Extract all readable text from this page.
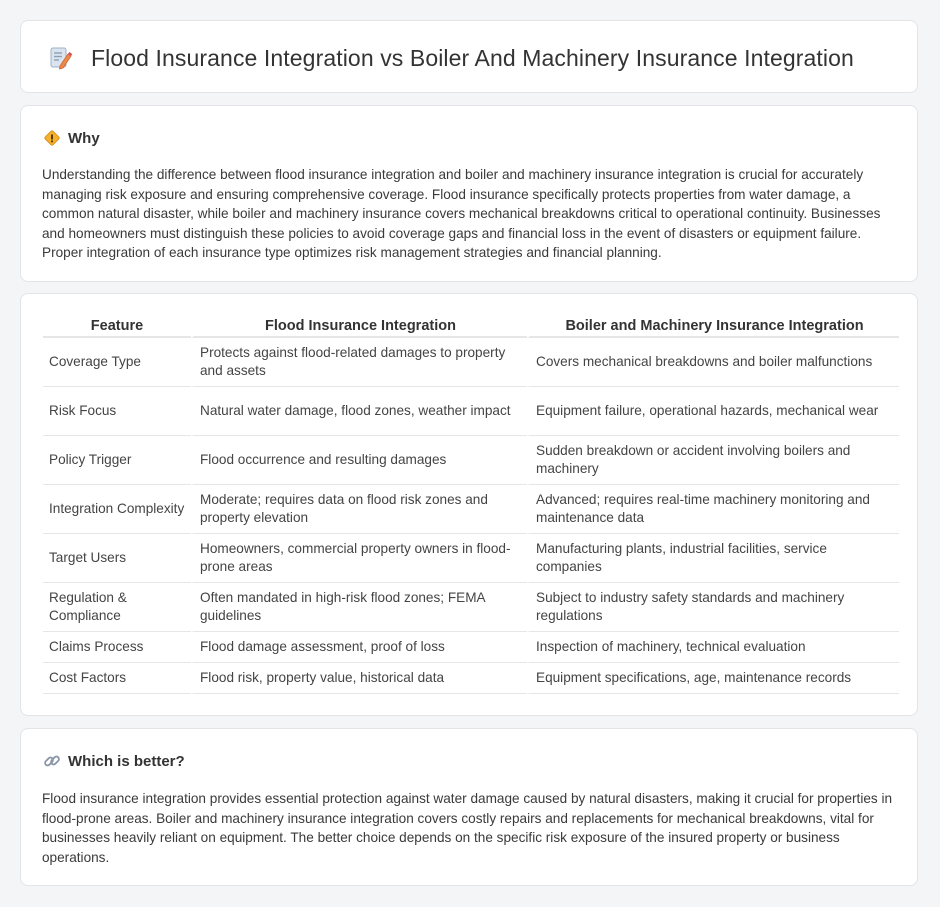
Flood Insurance Integration vs Boiler And Machinery Insurance Integration
Why

Understanding the difference between flood insurance integration and boiler and machinery insurance integration is crucial for accurately managing risk exposure and ensuring comprehensive coverage. Flood insurance specifically protects properties from water damage, a common natural disaster, while boiler and machinery insurance covers mechanical breakdowns critical to operational continuity. Businesses and homeowners must distinguish these policies to avoid coverage gaps and financial loss in the event of disasters or equipment failure. Proper integration of each insurance type optimizes risk management strategies and financial planning.

Feature	Flood Insurance Integration	Boiler and Machinery Insurance Integration
Coverage Type	Protects against flood-related damages to property and assets	Covers mechanical breakdowns and boiler malfunctions
Risk Focus	Natural water damage, flood zones, weather impact	Equipment failure, operational hazards, mechanical wear
Policy Trigger	Flood occurrence and resulting damages	Sudden breakdown or accident involving boilers and machinery
Integration Complexity	Moderate; requires data on flood risk zones and property elevation	Advanced; requires real-time machinery monitoring and maintenance data
Target Users	Homeowners, commercial property owners in flood-prone areas	Manufacturing plants, industrial facilities, service companies
Regulation & Compliance	Often mandated in high-risk flood zones; FEMA guidelines	Subject to industry safety standards and machinery regulations
Claims Process	Flood damage assessment, proof of loss	Inspection of machinery, technical evaluation
Cost Factors	Flood risk, property value, historical data	Equipment specifications, age, maintenance records
Which is better?

Flood insurance integration provides essential protection against water damage caused by natural disasters, making it crucial for properties in flood-prone areas. Boiler and machinery insurance integration covers costly repairs and replacements for mechanical breakdowns, vital for businesses heavily reliant on equipment. The better choice depends on the specific risk exposure of the insured property or business operations.
